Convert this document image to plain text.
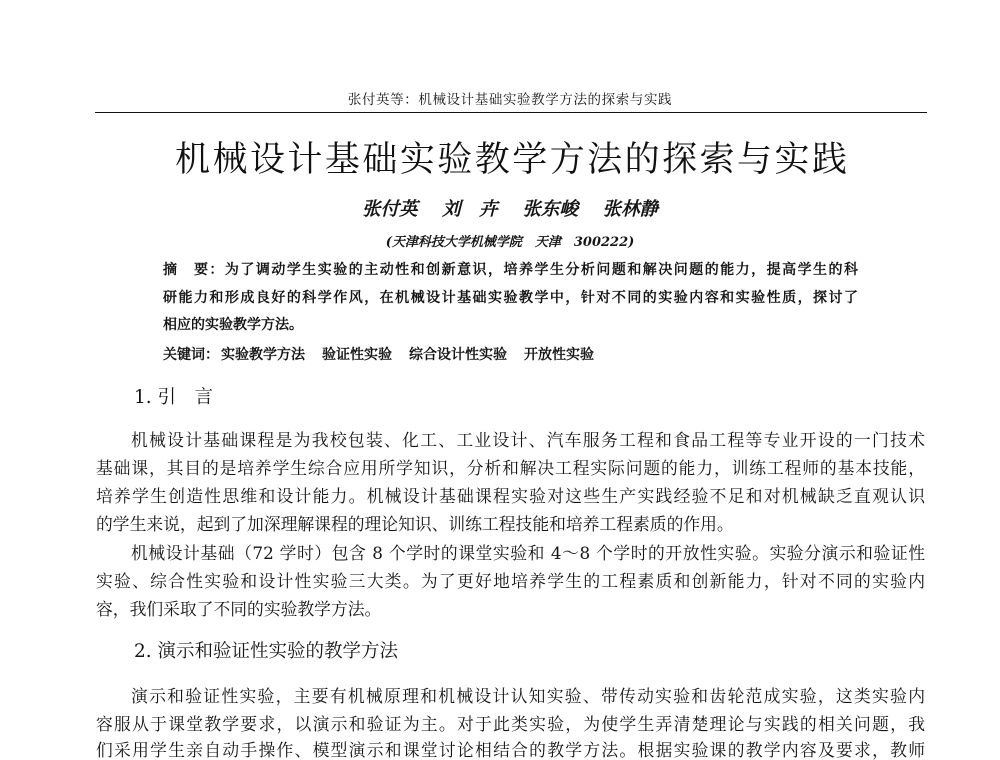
张付英等：机械设计基础实验教学方法的探索与实践
机械设计基础实验教学方法的探索与实践
张付英 刘　卉 张东峻 张林静
(天津科技大学机械学院　天津　300222)
摘　要：为了调动学生实验的主动性和创新意识，培养学生分析问题和解决问题的能力，提高学生的科
研能力和形成良好的科学作风，在机械设计基础实验教学中，针对不同的实验内容和实验性质，探讨了
相应的实验教学方法。
关键词： 实验教学方法 验证性实验 综合设计性实验 开放性实验
1. 引　言
机械设计基础课程是为我校包装、化工、工业设计、汽车服务工程和食品工程等专业开设的一门技术
基础课，其目的是培养学生综合应用所学知识，分析和解决工程实际问题的能力，训练工程师的基本技能，
培养学生创造性思维和设计能力。机械设计基础课程实验对这些生产实践经验不足和对机械缺乏直观认识
的学生来说，起到了加深理解课程的理论知识、训练工程技能和培养工程素质的作用。
机械设计基础（72 学时）包含 8 个学时的课堂实验和 4～8 个学时的开放性实验。实验分演示和验证性
实验、综合性实验和设计性实验三大类。为了更好地培养学生的工程素质和创新能力，针对不同的实验内
容，我们采取了不同的实验教学方法。
2. 演示和验证性实验的教学方法
演示和验证性实验，主要有机械原理和机械设计认知实验、带传动实验和齿轮范成实验，这类实验内
容服从于课堂教学要求，以演示和验证为主。对于此类实验，为使学生弄清楚理论与实践的相关问题，我
们采用学生亲自动手操作、模型演示和课堂讨论相结合的教学方法。根据实验课的教学内容及要求，教师
